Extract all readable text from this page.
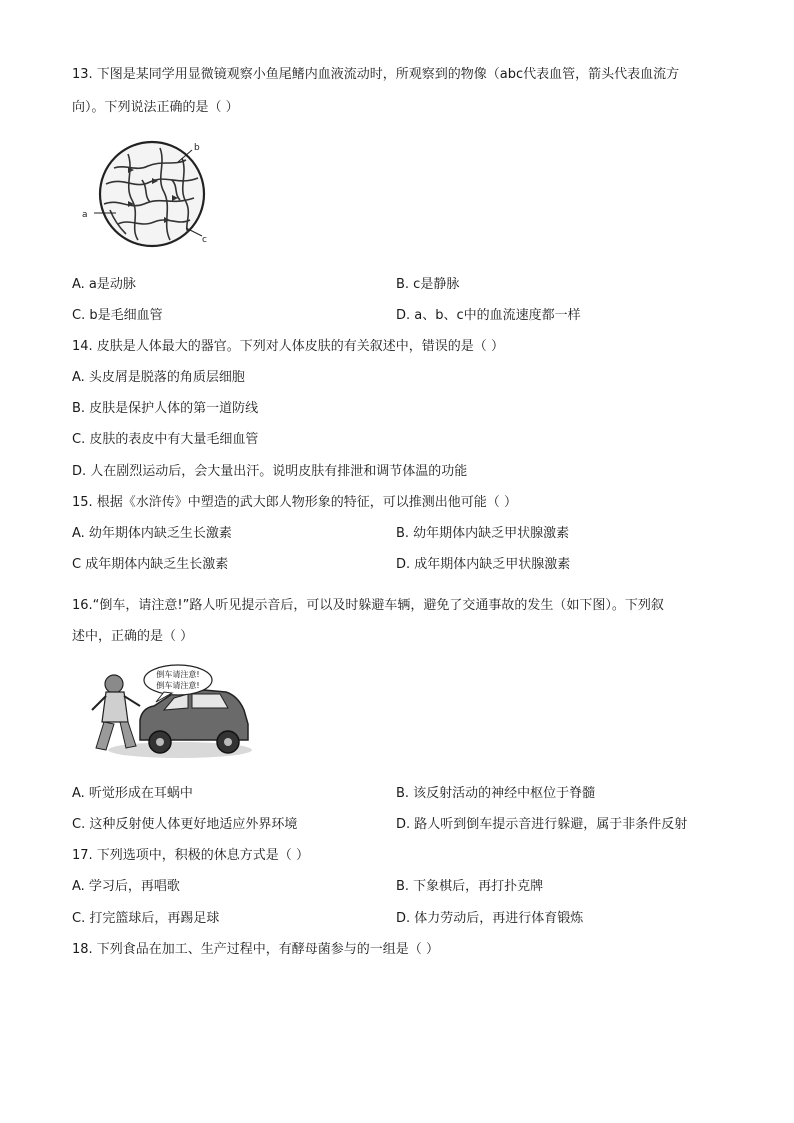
13. 下图是某同学用显微镜观察小鱼尾鳍内血液流动时，所观察到的物像（abc代表血管，箭头代表血流方
向）。下列说法正确的是（ ）
a
b
c
A. a是动脉	B. c是静脉
C. b是毛细血管	D. a、b、c中的血流速度都一样
14. 皮肤是人体最大的器官。下列对人体皮肤的有关叙述中，错误的是（ ）
A. 头皮屑是脱落的角质层细胞
B. 皮肤是保护人体的第一道防线
C. 皮肤的表皮中有大量毛细血管
D. 人在剧烈运动后，会大量出汗。说明皮肤有排泄和调节体温的功能
15. 根据《水浒传》中塑造的武大郎人物形象的特征，可以推测出他可能（ ）
A. 幼年期体内缺乏生长激素	B. 幼年期体内缺乏甲状腺激素
C 成年期体内缺乏生长激素	D. 成年期体内缺乏甲状腺激素
16.“倒车，请注意!”路人听见提示音后，可以及时躲避车辆，避免了交通事故的发生（如下图）。下列叙
述中，正确的是（ ）
倒车请注意!
倒车请注意!
A. 听觉形成在耳蜗中	B. 该反射活动的神经中枢位于脊髓
C. 这种反射使人体更好地适应外界环境	D. 路人听到倒车提示音进行躲避，属于非条件反射
17. 下列选项中，积极的休息方式是（ ）
A. 学习后，再唱歌	B. 下象棋后，再打扑克牌
C. 打完篮球后，再踢足球	D. 体力劳动后，再进行体育锻炼
18. 下列食品在加工、生产过程中，有酵母菌参与的一组是（ ）
